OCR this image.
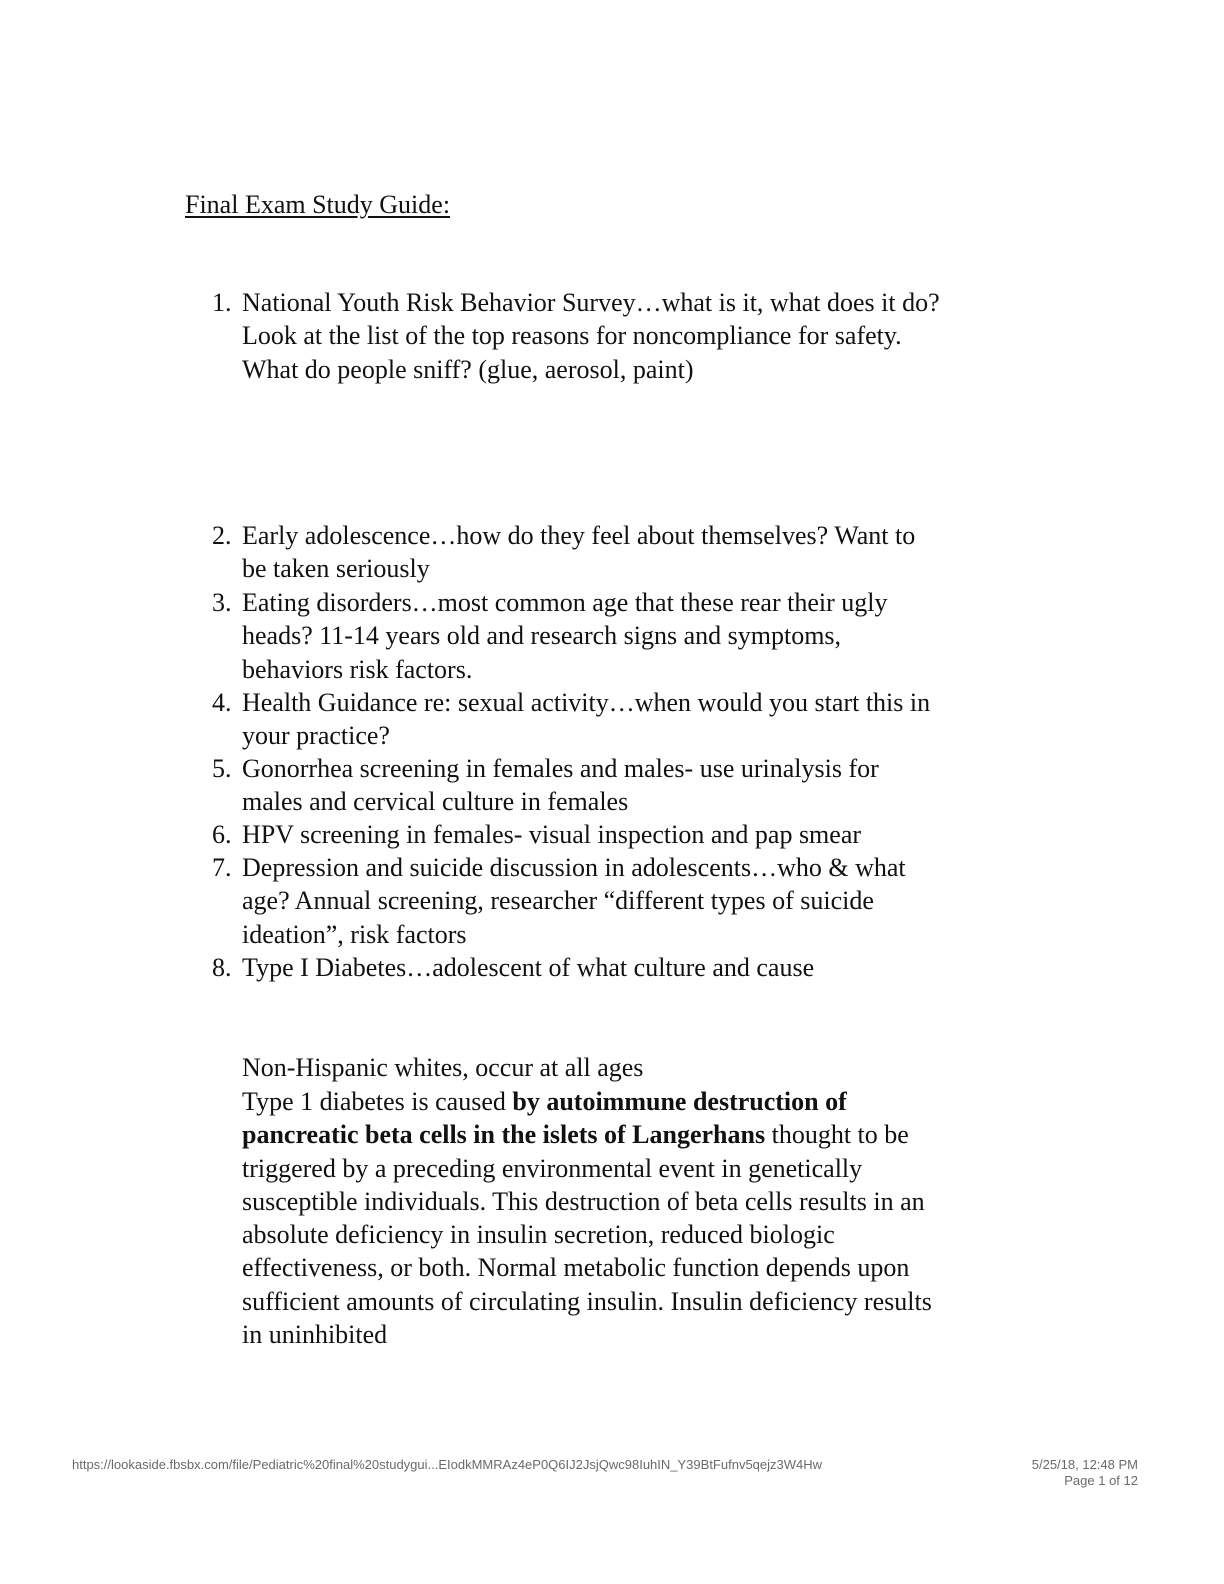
Final Exam Study Guide:
1. National Youth Risk Behavior Survey…what is it, what does it do? Look at the list of the top reasons for noncompliance for safety. What do people sniff? (glue, aerosol, paint)
2. Early adolescence…how do they feel about themselves? Want to be taken seriously
3. Eating disorders…most common age that these rear their ugly heads? 11-14 years old and research signs and symptoms, behaviors risk factors.
4. Health Guidance re: sexual activity…when would you start this in your practice?
5. Gonorrhea screening in females and males- use urinalysis for males and cervical culture in females
6. HPV screening in females- visual inspection and pap smear
7. Depression and suicide discussion in adolescents…who & what age? Annual screening, researcher “different types of suicide ideation”, risk factors
8. Type I Diabetes…adolescent of what culture and cause
Non-Hispanic whites, occur at all ages
Type 1 diabetes is caused by autoimmune destruction of pancreatic beta cells in the islets of Langerhans thought to be triggered by a preceding environmental event in genetically susceptible individuals. This destruction of beta cells results in an absolute deficiency in insulin secretion, reduced biologic effectiveness, or both. Normal metabolic function depends upon sufficient amounts of circulating insulin. Insulin deficiency results in uninhibited
https://lookaside.fbsbx.com/file/Pediatric%20final%20studygui...EIodkMMRAz4eP0Q6IJ2JsjQwc98IuhIN_Y39BtFufnv5qejz3W4Hw	5/25/18, 12:48 PM
Page 1 of 12
